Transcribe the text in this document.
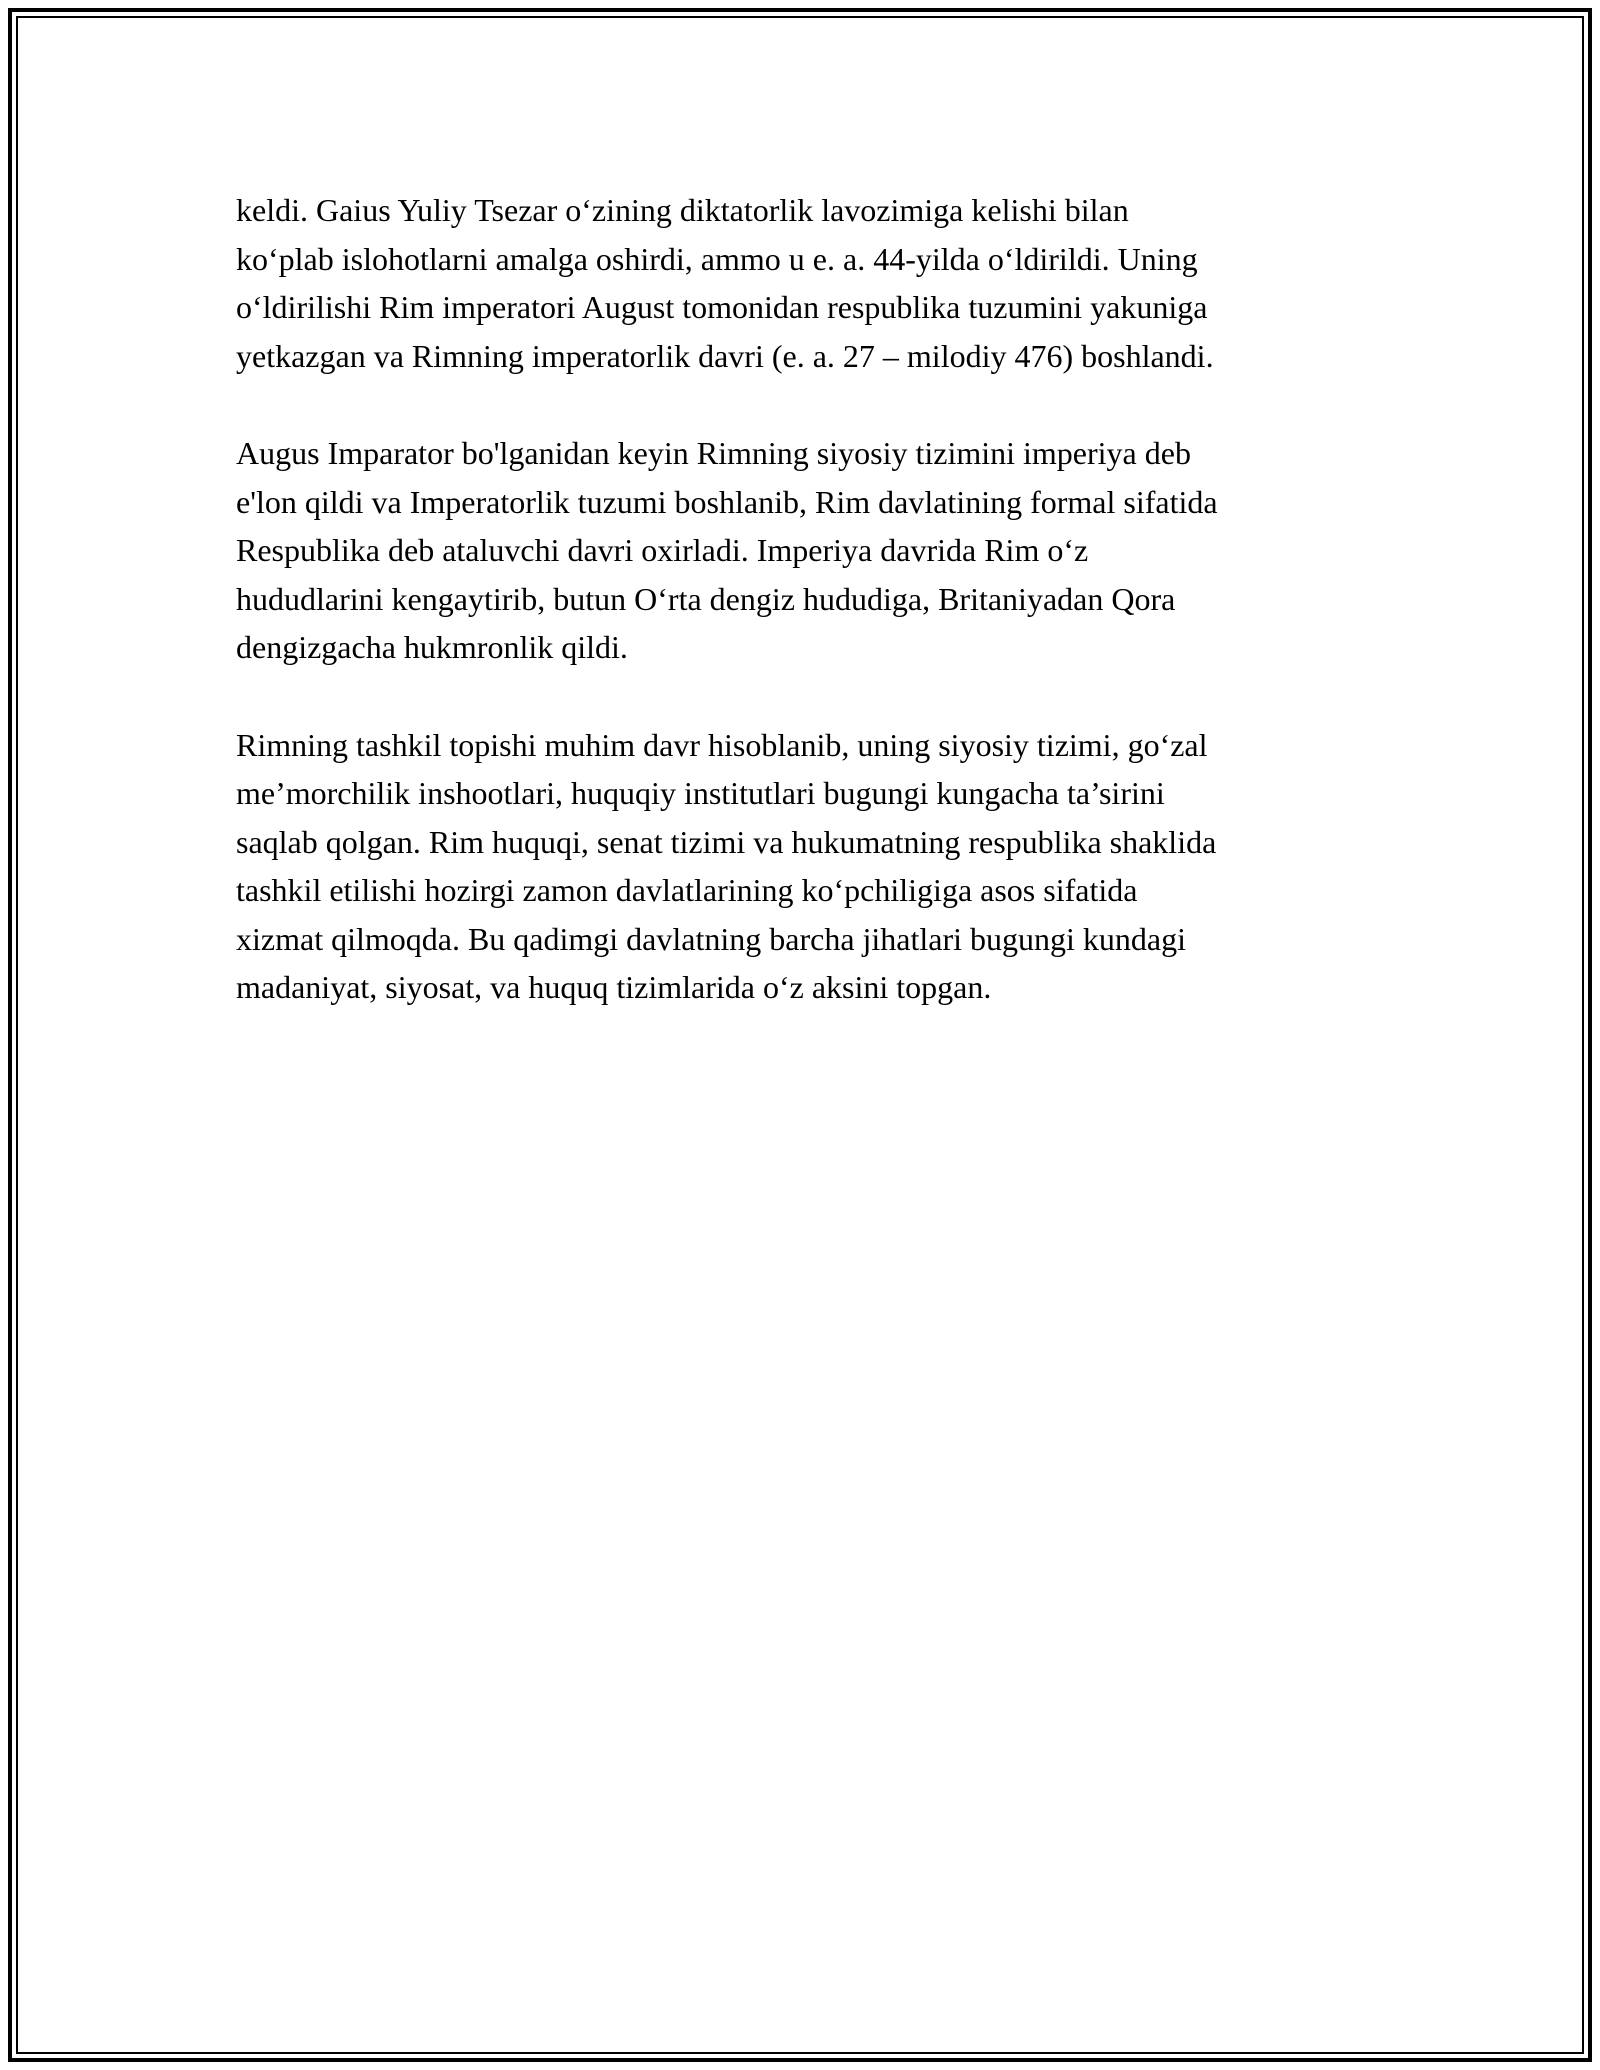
keldi. Gaius Yuliy Tsezar o‘zining diktatorlik lavozimiga kelishi bilan
ko‘plab islohotlarni amalga oshirdi, ammo u e. a. 44-yilda o‘ldirildi. Uning
o‘ldirilishi Rim imperatori August tomonidan respublika tuzumini yakuniga
yetkazgan va Rimning imperatorlik davri (e. a. 27 – milodiy 476) boshlandi.

Augus Imparator bo'lganidan keyin Rimning siyosiy tizimini imperiya deb
e'lon qildi va Imperatorlik tuzumi boshlanib, Rim davlatining formal sifatida
Respublika deb ataluvchi davri oxirladi. Imperiya davrida Rim o‘z
hududlarini kengaytirib, butun O‘rta dengiz hududiga, Britaniyadan Qora
dengizgacha hukmronlik qildi.

Rimning tashkil topishi muhim davr hisoblanib, uning siyosiy tizimi, go‘zal
me’morchilik inshootlari, huquqiy institutlari bugungi kungacha ta’sirini
saqlab qolgan. Rim huquqi, senat tizimi va hukumatning respublika shaklida
tashkil etilishi hozirgi zamon davlatlarining ko‘pchiligiga asos sifatida
xizmat qilmoqda. Bu qadimgi davlatning barcha jihatlari bugungi kundagi
madaniyat, siyosat, va huquq tizimlarida o‘z aksini topgan.
